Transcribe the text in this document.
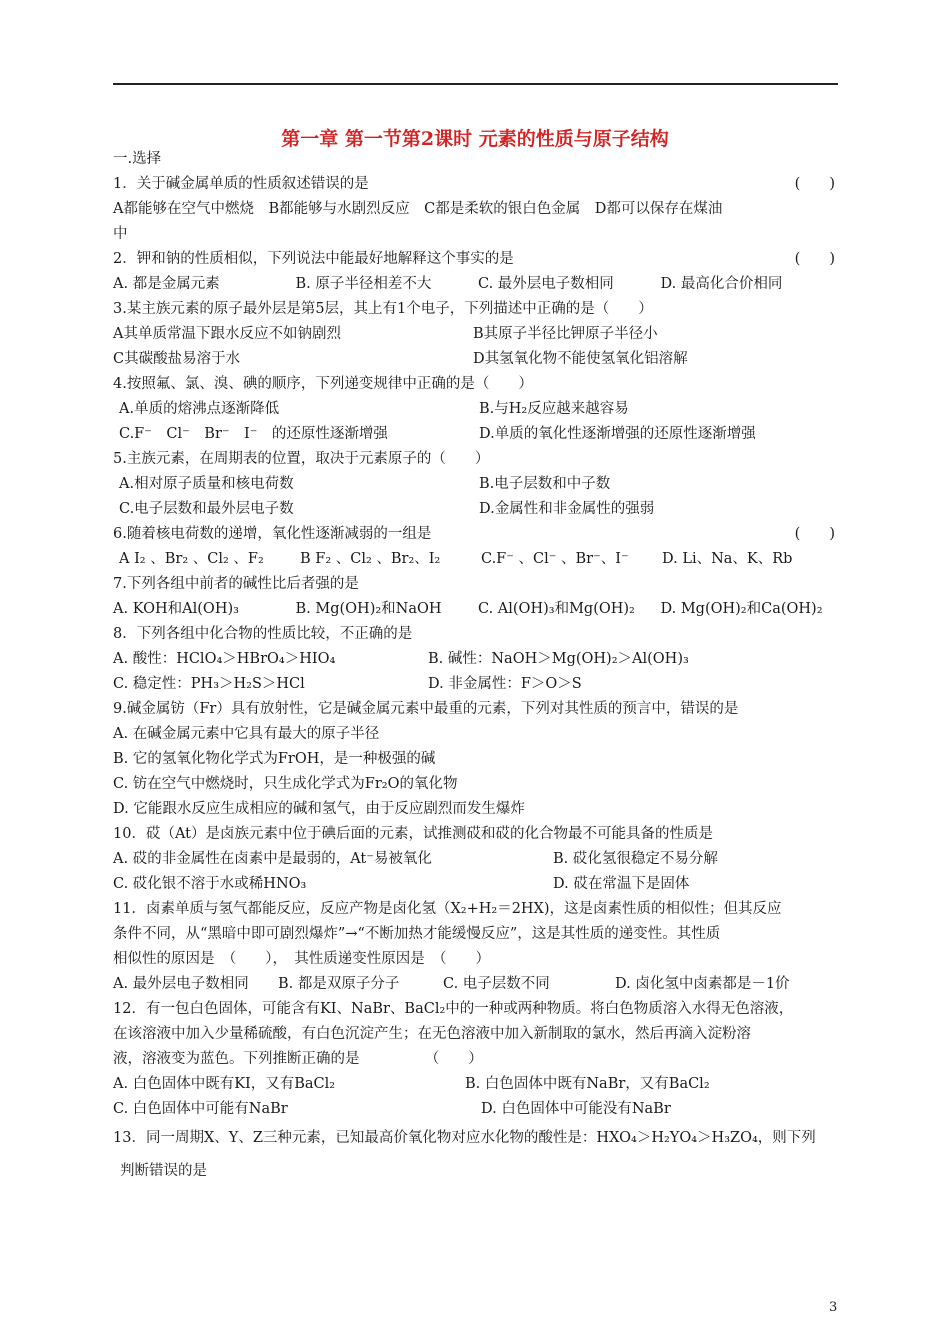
第一章 第一节第2课时 元素的性质与原子结构
一.选择
1．关于碱金属单质的性质叙述错误的是	(　　)
A都能够在空气中燃烧　B都能够与水剧烈反应　C都是柔软的银白色金属　D都可以保存在煤油
中
2．钾和钠的性质相似，下列说法中能最好地解释这个事实的是	(　　)
A. 都是金属元素	B. 原子半径相差不大	C. 最外层电子数相同	D. 最高化合价相同
3.某主族元素的原子最外层是第5层，其上有1个电子，下列描述中正确的是（　　）
A其单质常温下跟水反应不如钠剧烈	B其原子半径比钾原子半径小
C其碳酸盐易溶于水	D其氢氧化物不能使氢氧化铝溶解
4.按照氟、氯、溴、碘的顺序，下列递变规律中正确的是（　　）
A.单质的熔沸点逐渐降低	B.与H₂反应越来越容易
C.F⁻　Cl⁻　Br⁻　I⁻　的还原性逐渐增强	D.单质的氧化性逐渐增强的还原性逐渐增强
5.主族元素，在周期表的位置，取决于元素原子的（　　）
A.相对原子质量和核电荷数	B.电子层数和中子数
C.电子层数和最外层电子数	D.金属性和非金属性的强弱
6.随着核电荷数的递增，氧化性逐渐减弱的一组是	(　　)
A I₂ 、Br₂ 、Cl₂ 、F₂	B F₂ 、Cl₂ 、Br₂、I₂	C.F⁻ 、Cl⁻ 、Br⁻、I⁻	D. Li、Na、K、Rb
7.下列各组中前者的碱性比后者强的是
A. KOH和Al(OH)₃	B. Mg(OH)₂和NaOH	C. Al(OH)₃和Mg(OH)₂	D. Mg(OH)₂和Ca(OH)₂
8．下列各组中化合物的性质比较，不正确的是
A. 酸性：HClO₄＞HBrO₄＞HIO₄	B. 碱性：NaOH＞Mg(OH)₂＞Al(OH)₃
C. 稳定性：PH₃＞H₂S＞HCl	D. 非金属性：F＞O＞S
9.碱金属钫（Fr）具有放射性，它是碱金属元素中最重的元素，下列对其性质的预言中，错误的是
A. 在碱金属元素中它具有最大的原子半径
B. 它的氢氧化物化学式为FrOH，是一种极强的碱
C. 钫在空气中燃烧时，只生成化学式为Fr₂O的氧化物
D. 它能跟水反应生成相应的碱和氢气，由于反应剧烈而发生爆炸
10．砹（At）是卤族元素中位于碘后面的元素，试推测砹和砹的化合物最不可能具备的性质是
A. 砹的非金属性在卤素中是最弱的，At⁻易被氧化	B. 砹化氢很稳定不易分解
C. 砹化银不溶于水或稀HNO₃	D. 砹在常温下是固体
11．卤素单质与氢气都能反应，反应产物是卤化氢（X₂+H₂＝2HX)，这是卤素性质的相似性；但其反应
条件不同，从“黑暗中即可剧烈爆炸”→“不断加热才能缓慢反应”，这是其性质的递变性。其性质
相似性的原因是　（　　），　其性质递变性原因是　（　　）
A. 最外层电子数相同	B. 都是双原子分子	C. 电子层数不同	D. 卤化氢中卤素都是－1价
12．有一包白色固体，可能含有KI、NaBr、BaCl₂中的一种或两种物质。将白色物质溶入水得无色溶液，
在该溶液中加入少量稀硫酸，有白色沉淀产生；在无色溶液中加入新制取的氯水，然后再滴入淀粉溶
液，溶液变为蓝色。下列推断正确的是　　　　　（　　）
A. 白色固体中既有KI，又有BaCl₂	B. 白色固体中既有NaBr，又有BaCl₂
C. 白色固体中可能有NaBr	D. 白色固体中可能没有NaBr
13．同一周期X、Y、Z三种元素，已知最高价氧化物对应水化物的酸性是：HXO₄＞H₂YO₄＞H₃ZO₄，则下列
判断错误的是
3
